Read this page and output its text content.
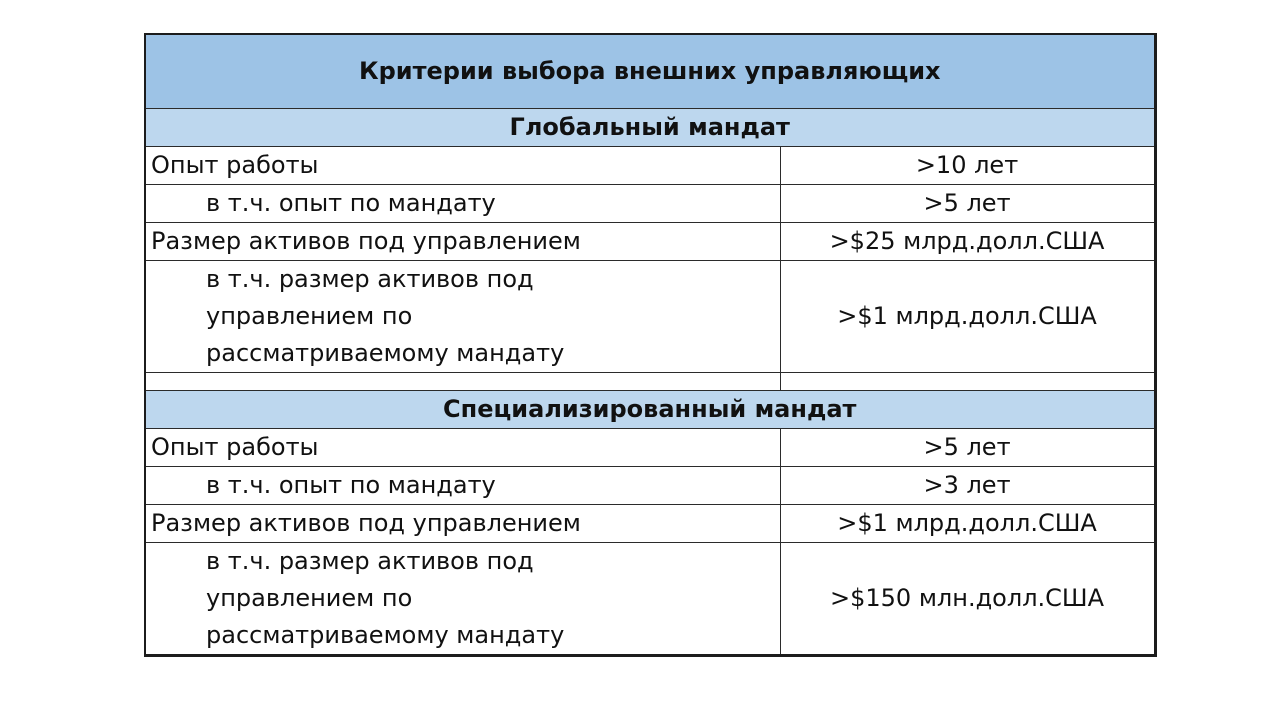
Критерии выбора внешних управляющих	
Глобальный мандат	
Опыт работы	>10 лет
в т.ч. опыт по мандату	>5 лет
Размер активов под управлением	>$25 млрд.долл.США

в т.ч. размер активов под
управлением по
рассматриваемому мандату	>$1 млрд.долл.США

Специализированный мандат	
Опыт работы	>5 лет
в т.ч. опыт по мандату	>3 лет
Размер активов под управлением	>$1 млрд.долл.США

в т.ч. размер активов под
управлением по
рассматриваемому мандату	>$150 млн.долл.США
